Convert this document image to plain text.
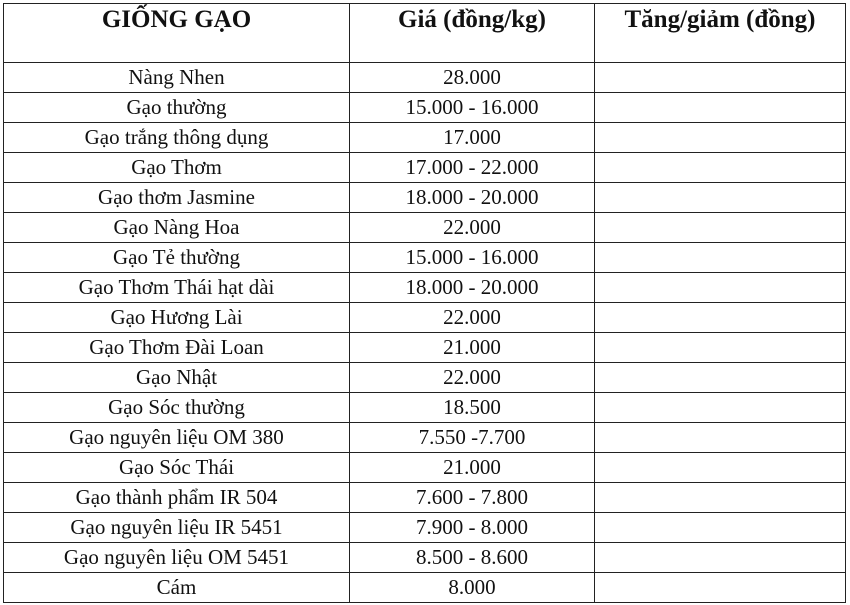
GIỐNG GẠO	Giá (đồng/kg)	Tăng/giảm (đồng)
Nàng Nhen	28.000	
Gạo thường	15.000 - 16.000	
Gạo trắng thông dụng	17.000	
Gạo Thơm	17.000 - 22.000	
Gạo thơm Jasmine	18.000 - 20.000	
Gạo Nàng Hoa	22.000	
Gạo Tẻ thường	15.000 - 16.000	
Gạo Thơm Thái hạt dài	18.000 - 20.000	
Gạo Hương Lài	22.000	
Gạo Thơm Đài Loan	21.000	
Gạo Nhật	22.000	
Gạo Sóc thường	18.500	
Gạo nguyên liệu OM 380	7.550 -7.700	
Gạo Sóc Thái	21.000	
Gạo thành phẩm IR 504	7.600 - 7.800	
Gạo nguyên liệu IR 5451	7.900 - 8.000	
Gạo nguyên liệu OM 5451	8.500 - 8.600	
Cám	8.000	
